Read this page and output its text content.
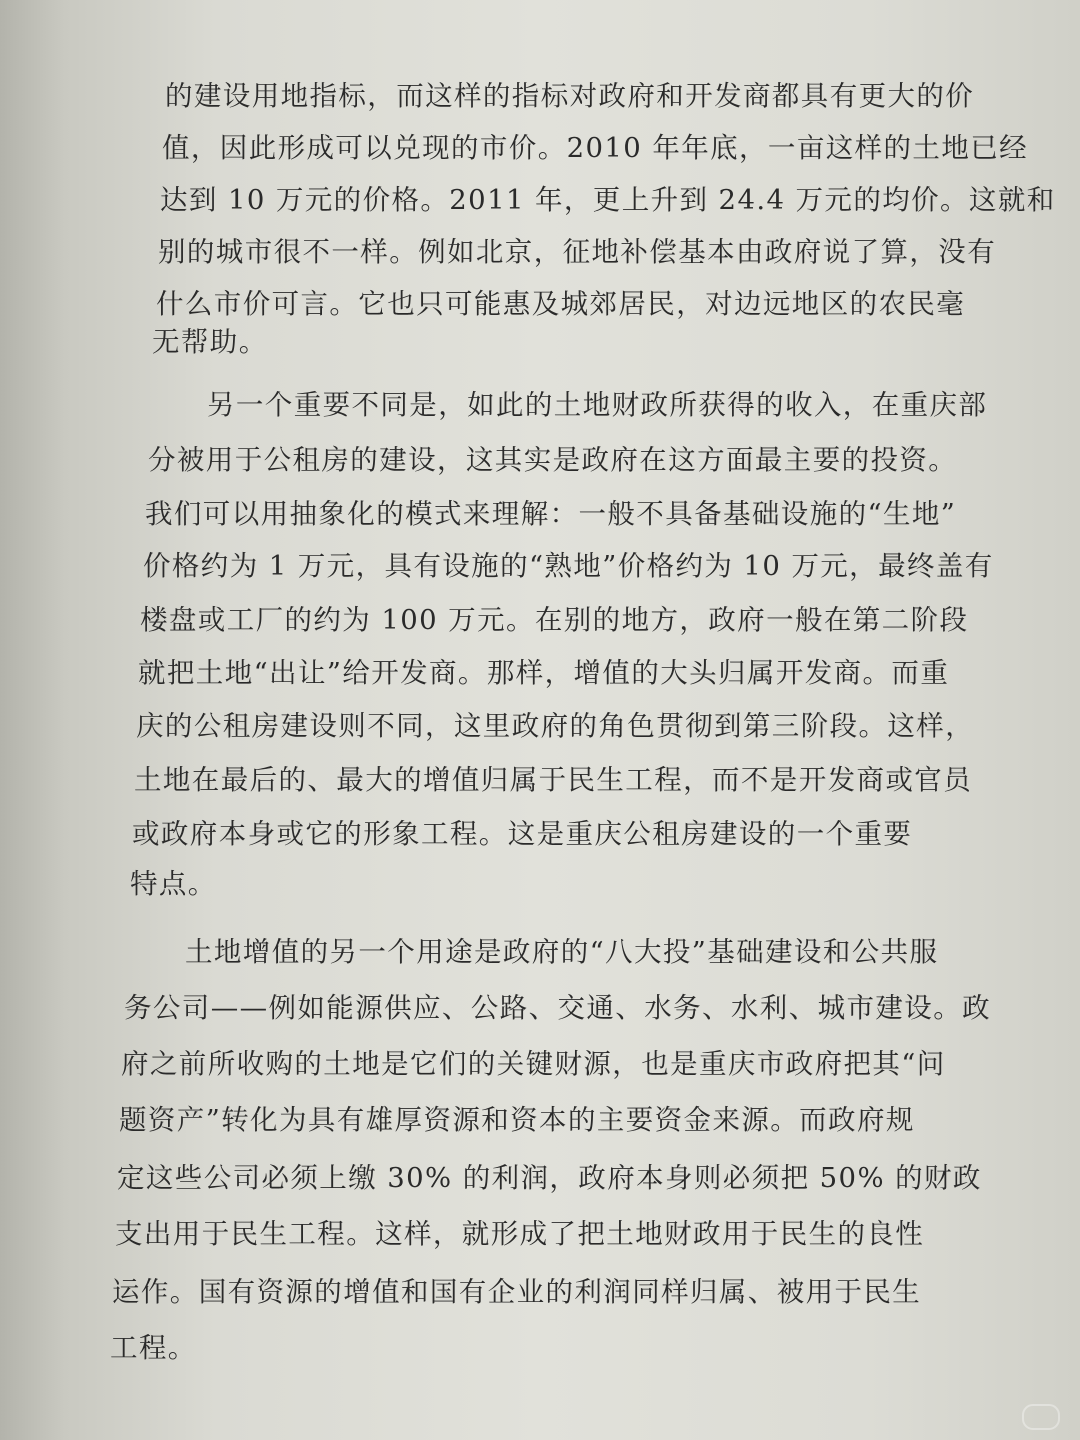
的建设用地指标，而这样的指标对政府和开发商都具有更大的价
值，因此形成可以兑现的市价。2010 年年底，一亩这样的土地已经
达到 10 万元的价格。2011 年，更上升到 24.4 万元的均价。这就和
别的城市很不一样。例如北京，征地补偿基本由政府说了算，没有
什么市价可言。它也只可能惠及城郊居民，对边远地区的农民毫
无帮助。
另一个重要不同是，如此的土地财政所获得的收入，在重庆部
分被用于公租房的建设，这其实是政府在这方面最主要的投资。
我们可以用抽象化的模式来理解：一般不具备基础设施的“生地”
价格约为 1 万元，具有设施的“熟地”价格约为 10 万元，最终盖有
楼盘或工厂的约为 100 万元。在别的地方，政府一般在第二阶段
就把土地“出让”给开发商。那样，增值的大头归属开发商。而重
庆的公租房建设则不同，这里政府的角色贯彻到第三阶段。这样，
土地在最后的、最大的增值归属于民生工程，而不是开发商或官员
或政府本身或它的形象工程。这是重庆公租房建设的一个重要
特点。
土地增值的另一个用途是政府的“八大投”基础建设和公共服
务公司——例如能源供应、公路、交通、水务、水利、城市建设。政
府之前所收购的土地是它们的关键财源，也是重庆市政府把其“问
题资产”转化为具有雄厚资源和资本的主要资金来源。而政府规
定这些公司必须上缴 30% 的利润，政府本身则必须把 50% 的财政
支出用于民生工程。这样，就形成了把土地财政用于民生的良性
运作。国有资源的增值和国有企业的利润同样归属、被用于民生
工程。
